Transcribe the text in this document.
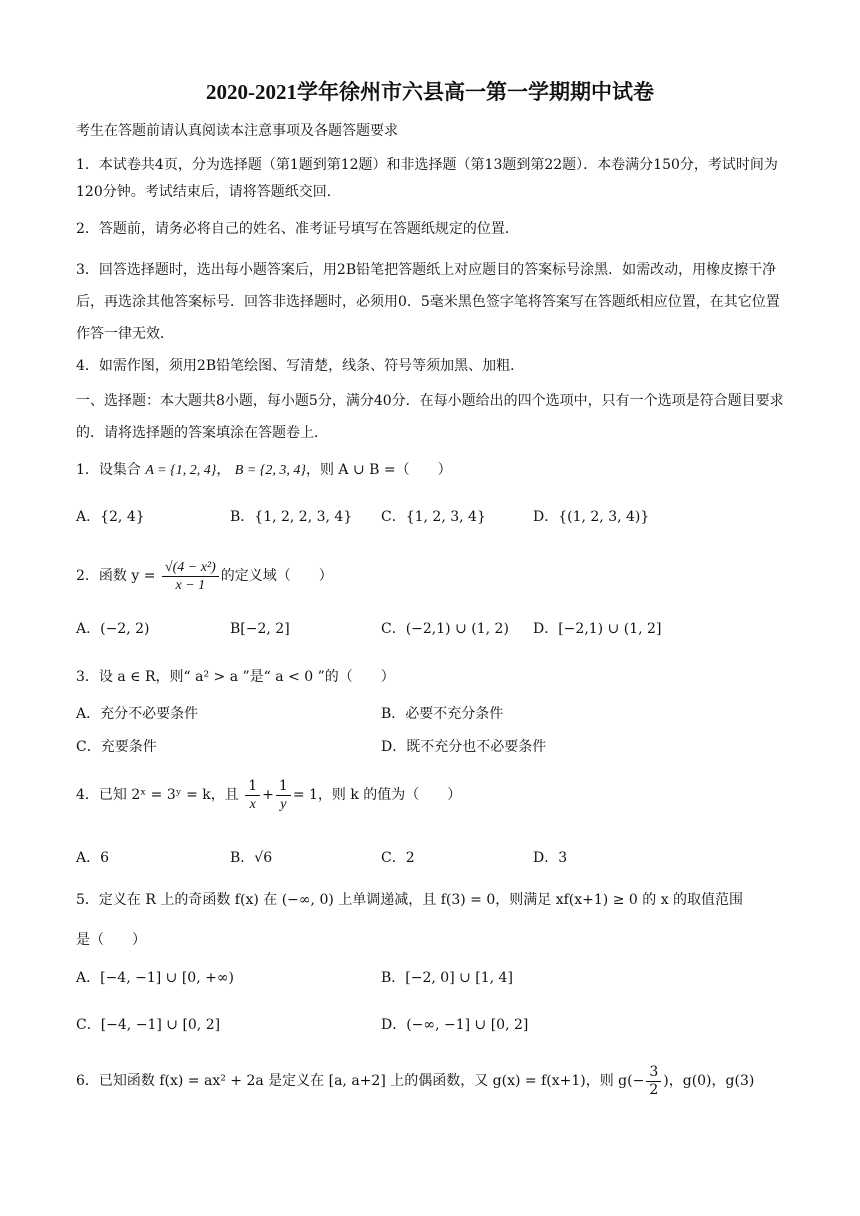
2020-2021学年徐州市六县高一第一学期期中试卷
考生在答题前请认真阅读本注意事项及各题答题要求
1．本试卷共4页，分为选择题（第1题到第12题）和非选择题（第13题到第22题）．本卷满分150分，考试时间为120分钟。考试结束后，请将答题纸交回．
2．答题前，请务必将自己的姓名、准考证号填写在答题纸规定的位置．
3．回答选择题时，选出每小题答案后，用2B铅笔把答题纸上对应题目的答案标号涂黑．如需改动，用橡皮擦干净后，再选涂其他答案标号．回答非选择题时，必须用0．5毫米黑色签字笔将答案写在答题纸相应位置，在其它位置作答一律无效．
4．如需作图，须用2B铅笔绘图、写清楚，线条、符号等须加黑、加粗．
一、选择题：本大题共8小题，每小题5分，满分40分．在每小题给出的四个选项中，只有一个选项是符合题目要求的．请将选择题的答案填涂在答题卷上．
1．设集合 A = {1, 2, 4}， B = {2, 3, 4}，则 A ∪ B =（　　）
A．{2, 4}	B．{1, 2, 2, 3, 4} C．{1, 2, 3, 4}	D．{(1, 2, 3, 4)}
2．函数 $y = \frac{\text{√(4 − x²)}}{x - 1}$ 的定义域（　　）
A．(−2, 2)	B[−2, 2]	C．(−2,1) ∪ (1, 2) D．[−2,1) ∪ (1, 2]
3．设 a ∈ R，则“ a² > a ”是“ a < 0 ”的（　　）
A．充分不必要条件	B．必要不充分条件
C．充要条件	D．既不充分也不必要条件
4．已知 2ˣ = 3ʸ = k，且 $\frac{1}{x} + \frac{1}{y} = 1$，则 k 的值为（　　）
A．6	B．√6	C．2	D．3
5．定义在 R 上的奇函数 f(x) 在 (−∞, 0) 上单调递减，且 f(3) = 0，则满足 xf(x+1) ≥ 0 的 x 的取值范围
是（　　）
A．[−4, −1] ∪ [0, +∞)	B．[−2, 0] ∪ [1, 4]
C．[−4, −1] ∪ [0, 2]	D．(−∞, −1] ∪ [0, 2]
6．已知函数 f(x) = ax² + 2a 是定义在 [a, a+2] 上的偶函数，又 g(x) = f(x+1)，则 $g(- \frac{3}{2}$ )，g(0)，g(3)
